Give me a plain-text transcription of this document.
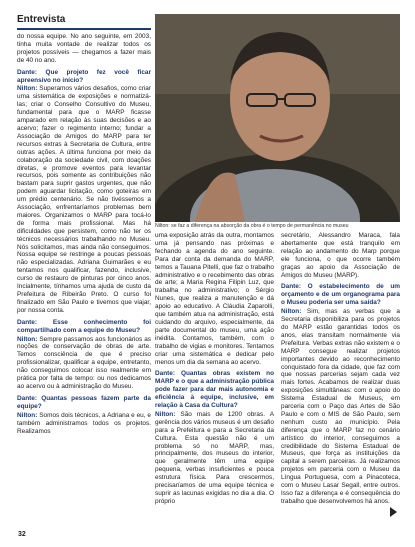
Entrevista

do nossa equipe. No ano seguinte, em 2003, tinha muita vontade de realizar todos os projetos possíveis — chegamos a fazer mais de 40 no ano.

Dante: Que projeto fez você ficar apreensivo no início?

Nilton: Superamos vários desafios, como criar uma sistemática de exposições e normatizá-las; criar o Conselho Consultivo do Museu, fundamental para que o MARP ficasse amparado em relação às suas decisões e ao acervo; fazer o regimento interno; fundar a Associação de Amigos do MARP para ter recursos extras à Secretaria de Cultura, entre outras ações. A última funciona por meio da colaboração da sociedade civil, com doações diretas, e promove eventos para levantar recursos, pois somente as contribuições não bastam para suprir gastos urgentes, que não podem aguardar licitação, como goteiras em um prédio centenário. Se não tivéssemos a Associação, enfrentaríamos problemas bem maiores. Organizamos o MARP para tocá-lo de forma mais profissional. Mas há dificuldades que persistem, como não ter os técnicos necessários trabalhando no Museu. Nós solicitamos, mas ainda não conseguimos. Nossa equipe se restringe a poucas pessoas não especializadas. Adriana Guimarães e eu tentamos nos qualificar, fazendo, inclusive, curso de restauro de pinturas por cinco anos. Incialmente, tínhamos uma ajuda de custo da Prefeitura de Ribeirão Preto. O curso foi finalizado em São Paulo e tivemos que viajar, por nossa conta.

Dante: Esse conhecimento foi compartilhado com a equipe do Museu?

Nilton: Sempre passamos aos funcionários as noções de conservação de obras de arte. Temos consciência de que é preciso profissionalizar, qualificar a equipe, entretanto, não conseguimos colocar isso realmente em prática por falta de tempo: ou nos dedicamos ao acervo ou à administração do Museu.

Dante: Quantas pessoas fazem parte da equipe?

Nilton: Somos dois técnicos, a Adriana e eu, e também administramos todos os projetos. Realizamos

Nilton: se faz a diferença na absorção da obra é o tempo de permanência no museu

uma exposição atrás da outra, montamos uma já pensando nas próximas e fechando a agenda do ano seguinte. Para dar conta da demanda do MARP, temos a Tauana Pitelli, que faz o trabalho administrativo e o recebimento das obras de arte; a Maria Regina Filipin Luz, que trabalha no administrativo; o Sérgio Nunes, que realiza a manutenção e dá apoio ao educativo. A Cláudia Zaparolli, que também atua na administração, está cuidando do arquivo, especialmente, da parte documental do museu, uma ação inédita. Contamos, também, com o trabalho de vigias e monitores. Tentamos criar uma sistemática e dedicar pelo menos um dia da semana ao acervo.

Dante: Quantas obras existem no MARP e o que a administração pública pode fazer para dar mais autonomia e eficiência à equipe, inclusive, em relação à Casa da Cultura?

Nilton: São mais de 1200 obras. A gerência dos vários museus é um desafio para a Prefeitura e para a Secretaria da Cultura. Esta questão não é um problema só no MARP, mas, principalmente, dos museus do interior, que geralmente têm uma equipe pequena, verbas insuficientes e pouca estrutura física. Para crescermos, precisaríamos de uma equipe técnica e suprir as lacunas exigidas no dia a dia. O próprio

secretário, Alessandro Maraca, fala abertamente que está tranquilo em relação ao andamento do Marp porque ele funciona, o que ocorre também graças ao apoio da Associação de Amigos do Museu (MARP).

Dante: O estabelecimento de um orçamento e de um organograma para o Museu poderia ser uma saída?

Nilton: Sim, mas as verbas que a Secretaria disponibiliza para os projetos do MARP estão garantidas todos os anos, elas transitam normalmente via Prefeitura. Verbas extras não existem e o MARP consegue realizar projetos importantes devido ao reconhecimento conquistado fora da cidade, que faz com que nossas parcerias sejam cada vez mais fortes. Acabamos de realizar duas exposições simultâneas: com o apoio do Sistema Estadual de Museus, em parceria com o Paço das Artes de São Paulo e com o MIS de São Paulo, sem nenhum custo ao município. Pela diferença que o MARP faz no cenário artístico do interior, conseguimos a credibilidade do Sistema Estadual de Museus, que força as instituições da capital a serem parceiras. Já realizamos projetos em parceria com o Museu da Língua Portuguesa, com a Pinacoteca, com o Museu Lasar Segall, entre outros. Isso faz a diferença e é consequência do trabalho que desenvolvemos há anos.

32
